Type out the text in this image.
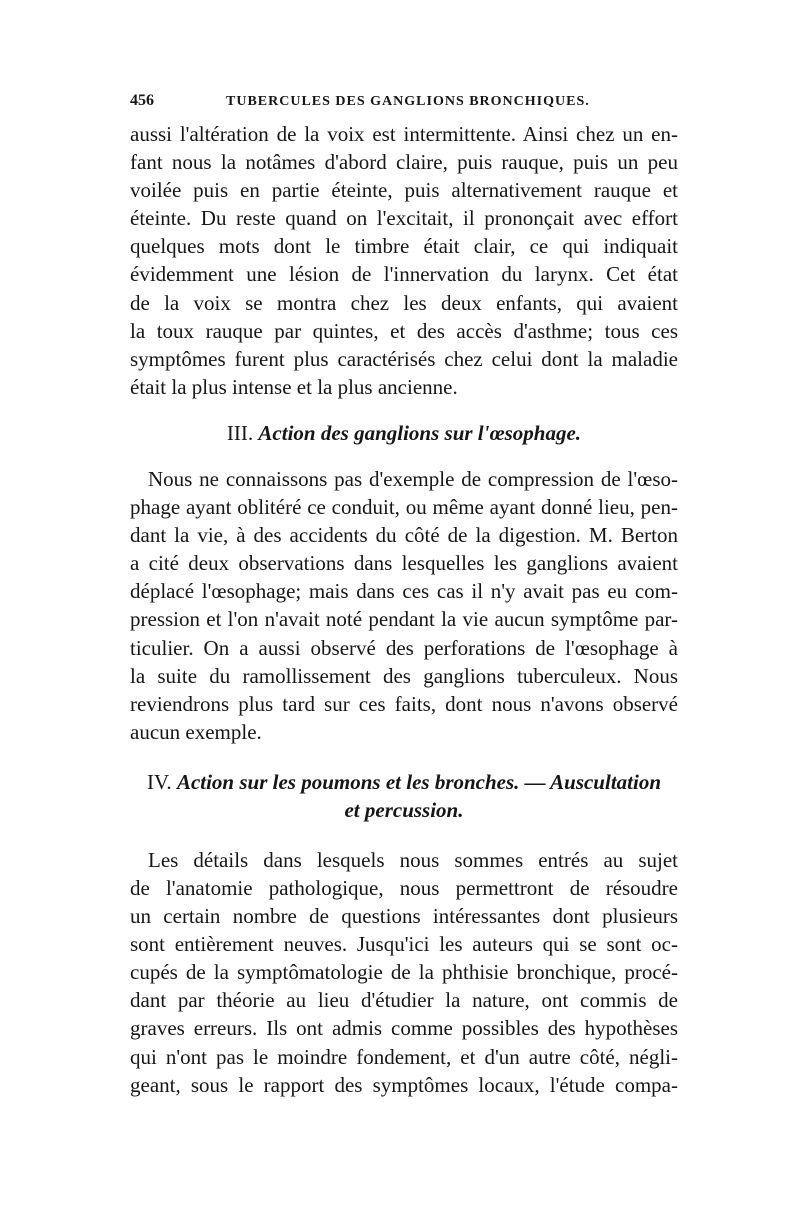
456	TUBERCULES DES GANGLIONS BRONCHIQUES.
aussi l'altération de la voix est intermittente. Ainsi chez un en-
fant nous la notâmes d'abord claire, puis rauque, puis un peu
voilée puis en partie éteinte, puis alternativement rauque et
éteinte. Du reste quand on l'excitait, il prononçait avec effort
quelques mots dont le timbre était clair, ce qui indiquait
évidemment une lésion de l'innervation du larynx. Cet état
de la voix se montra chez les deux enfants, qui avaient
la toux rauque par quintes, et des accès d'asthme; tous ces
symptômes furent plus caractérisés chez celui dont la maladie
était la plus intense et la plus ancienne.
III. Action des ganglions sur l'œsophage.
Nous ne connaissons pas d'exemple de compression de l'œso-
phage ayant oblitéré ce conduit, ou même ayant donné lieu, pen-
dant la vie, à des accidents du côté de la digestion. M. Berton
a cité deux observations dans lesquelles les ganglions avaient
déplacé l'œsophage; mais dans ces cas il n'y avait pas eu com-
pression et l'on n'avait noté pendant la vie aucun symptôme par-
ticulier. On a aussi observé des perforations de l'œsophage à
la suite du ramollissement des ganglions tuberculeux. Nous
reviendrons plus tard sur ces faits, dont nous n'avons observé
aucun exemple.
IV. Action sur les poumons et les bronches. — Auscultation
et percussion.
Les détails dans lesquels nous sommes entrés au sujet
de l'anatomie pathologique, nous permettront de résoudre
un certain nombre de questions intéressantes dont plusieurs
sont entièrement neuves. Jusqu'ici les auteurs qui se sont oc-
cupés de la symptômatologie de la phthisie bronchique, procé-
dant par théorie au lieu d'étudier la nature, ont commis de
graves erreurs. Ils ont admis comme possibles des hypothèses
qui n'ont pas le moindre fondement, et d'un autre côté, négli-
geant, sous le rapport des symptômes locaux, l'étude compa-
